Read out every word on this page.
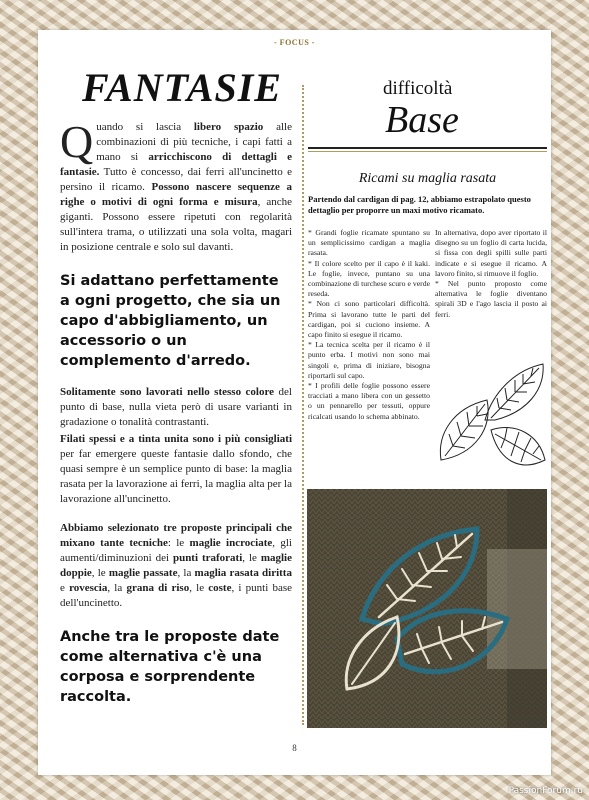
- FOCUS -
FANTASIE

Quando si lascia libero spazio alle combinazioni di più tecniche, i capi fatti a mano si arricchiscono di dettagli e fantasie. Tutto è concesso, dai ferri all'uncinetto e persino il ricamo. Possono nascere sequenze a righe o motivi di ogni forma e misura, anche giganti. Possono essere ripetuti con regolarità sull'intera trama, o utilizzati una sola volta, magari in posizione centrale e solo sul davanti.

Si adattano perfettamente a ogni progetto, che sia un capo d'abbigliamento, un accessorio o un complemento d'arredo.

Solitamente sono lavorati nello stesso colore del punto di base, nulla vieta però di usare varianti in gradazione o tonalità contrastanti.

Filati spessi e a tinta unita sono i più consigliati per far emergere queste fantasie dallo sfondo, che quasi sempre è un semplice punto di base: la maglia rasata per la lavorazione ai ferri, la maglia alta per la lavorazione all'uncinetto.

Abbiamo selezionato tre proposte principali che mixano tante tecniche: le maglie incrociate, gli aumenti/diminuzioni dei punti traforati, le maglie doppie, le maglie passate, la maglia rasata diritta e rovescia, la grana di riso, le coste, i punti base dell'uncinetto.

Anche tra le proposte date come alternativa c'è una corposa e sorprendente raccolta.

difficoltà
Base
Ricami su maglia rasata

Partendo dal cardigan di pag. 12, abbiamo estrapolato questo dettaglio per proporre un maxi motivo ricamato.

* Grandi foglie ricamate spuntano su un semplicissimo cardigan a maglia rasata.

* Il colore scelto per il capo è il kaki. Le foglie, invece, puntano su una combinazione di turchese scuro e verde reseda.

* Non ci sono particolari difficoltà. Prima si lavorano tutte le parti del cardigan, poi si cuciono insieme. A capo finito si esegue il ricamo.

* La tecnica scelta per il ricamo è il punto erba. I motivi non sono mai singoli e, prima di iniziare, bisogna riportarli sul capo.

* I profili delle foglie possono essere tracciati a mano libera con un gessetto o un pennarello per tessuti, oppure ricalcati usando lo schema abbinato.

In alternativa, dopo aver riportato il disegno su un foglio di carta lucida, si fissa con degli spilli sulle parti indicate e si esegue il ricamo. A lavoro finito, si rimuove il foglio.

* Nel punto proposto come alternativa le foglie diventano spirali 3D e l'ago lascia il posto ai ferri.

8
PassionForum.ru
